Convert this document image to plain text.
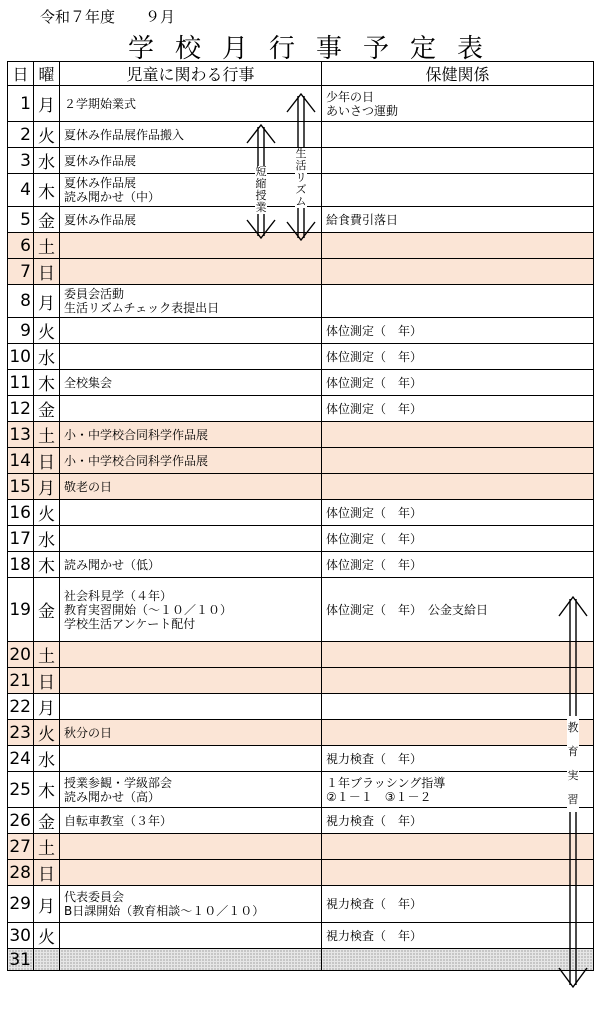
令和７年度　　 ９月
学校月行事予定表
日	曜	児童に関わる行事	保健関係
1	月	２学期始業式	少年の日
あいさつ運動
2	火	夏休み作品展作品搬入	
3	水	夏休み作品展	
4	木	夏休み作品展
読み聞かせ（中）	
5	金	夏休み作品展	給食費引落日
6	土		
7	日		
8	月	委員会活動
生活リズムチェック表提出日	
9	火		体位測定（　年）
10	水		体位測定（　年）
11	木	全校集会	体位測定（　年）
12	金		体位測定（　年）
13	土	小・中学校合同科学作品展	
14	日	小・中学校合同科学作品展	
15	月	敬老の日	
16	火		体位測定（　年）
17	水		体位測定（　年）
18	木	読み聞かせ（低）	体位測定（　年）
19	金	社会科見学（４年）
教育実習開始（～１０／１０）
学校生活アンケート配付	体位測定（　年）　公金支給日
20	土		
21	日		
22	月		
23	火	秋分の日	
24	水		視力検査（　年）
25	木	授業参観・学級部会
読み聞かせ（高）	１年ブラッシング指導
②１－１　③１－２
26	金	自転車教室（３年）	視力検査（　年）
27	土		
28	日		
29	月	代表委員会
B日課開始（教育相談～１０／１０）	視力検査（　年）
30	火		視力検査（　年）
31			
短縮授業
生活リズム
教育実習
